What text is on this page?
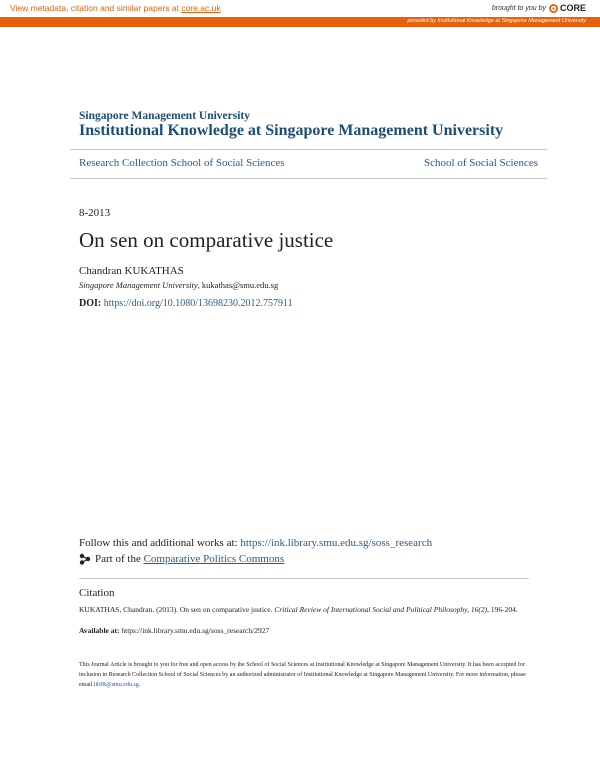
View metadata, citation and similar papers at core.ac.uk	brought to you by CORE
provided by Institutional Knowledge at Singapore Management University
Singapore Management University
Institutional Knowledge at Singapore Management University
Research Collection School of Social Sciences	School of Social Sciences
8-2013
On sen on comparative justice
Chandran KUKATHAS
Singapore Management University, kukathas@smu.edu.sg
DOI: https://doi.org/10.1080/13698230.2012.757911
Follow this and additional works at: https://ink.library.smu.edu.sg/soss_research
Part of the Comparative Politics Commons
Citation
KUKATHAS, Chandran. (2013). On sen on comparative justice. Critical Review of International Social and Political Philosophy, 16(2), 196-204.
Available at: https://ink.library.smu.edu.sg/soss_research/2927
This Journal Article is brought to you for free and open access by the School of Social Sciences at Institutional Knowledge at Singapore Management University. It has been accepted for inclusion in Research Collection School of Social Sciences by an authorized administrator of Institutional Knowledge at Singapore Management University. For more information, please email libIR@smu.edu.sg.
